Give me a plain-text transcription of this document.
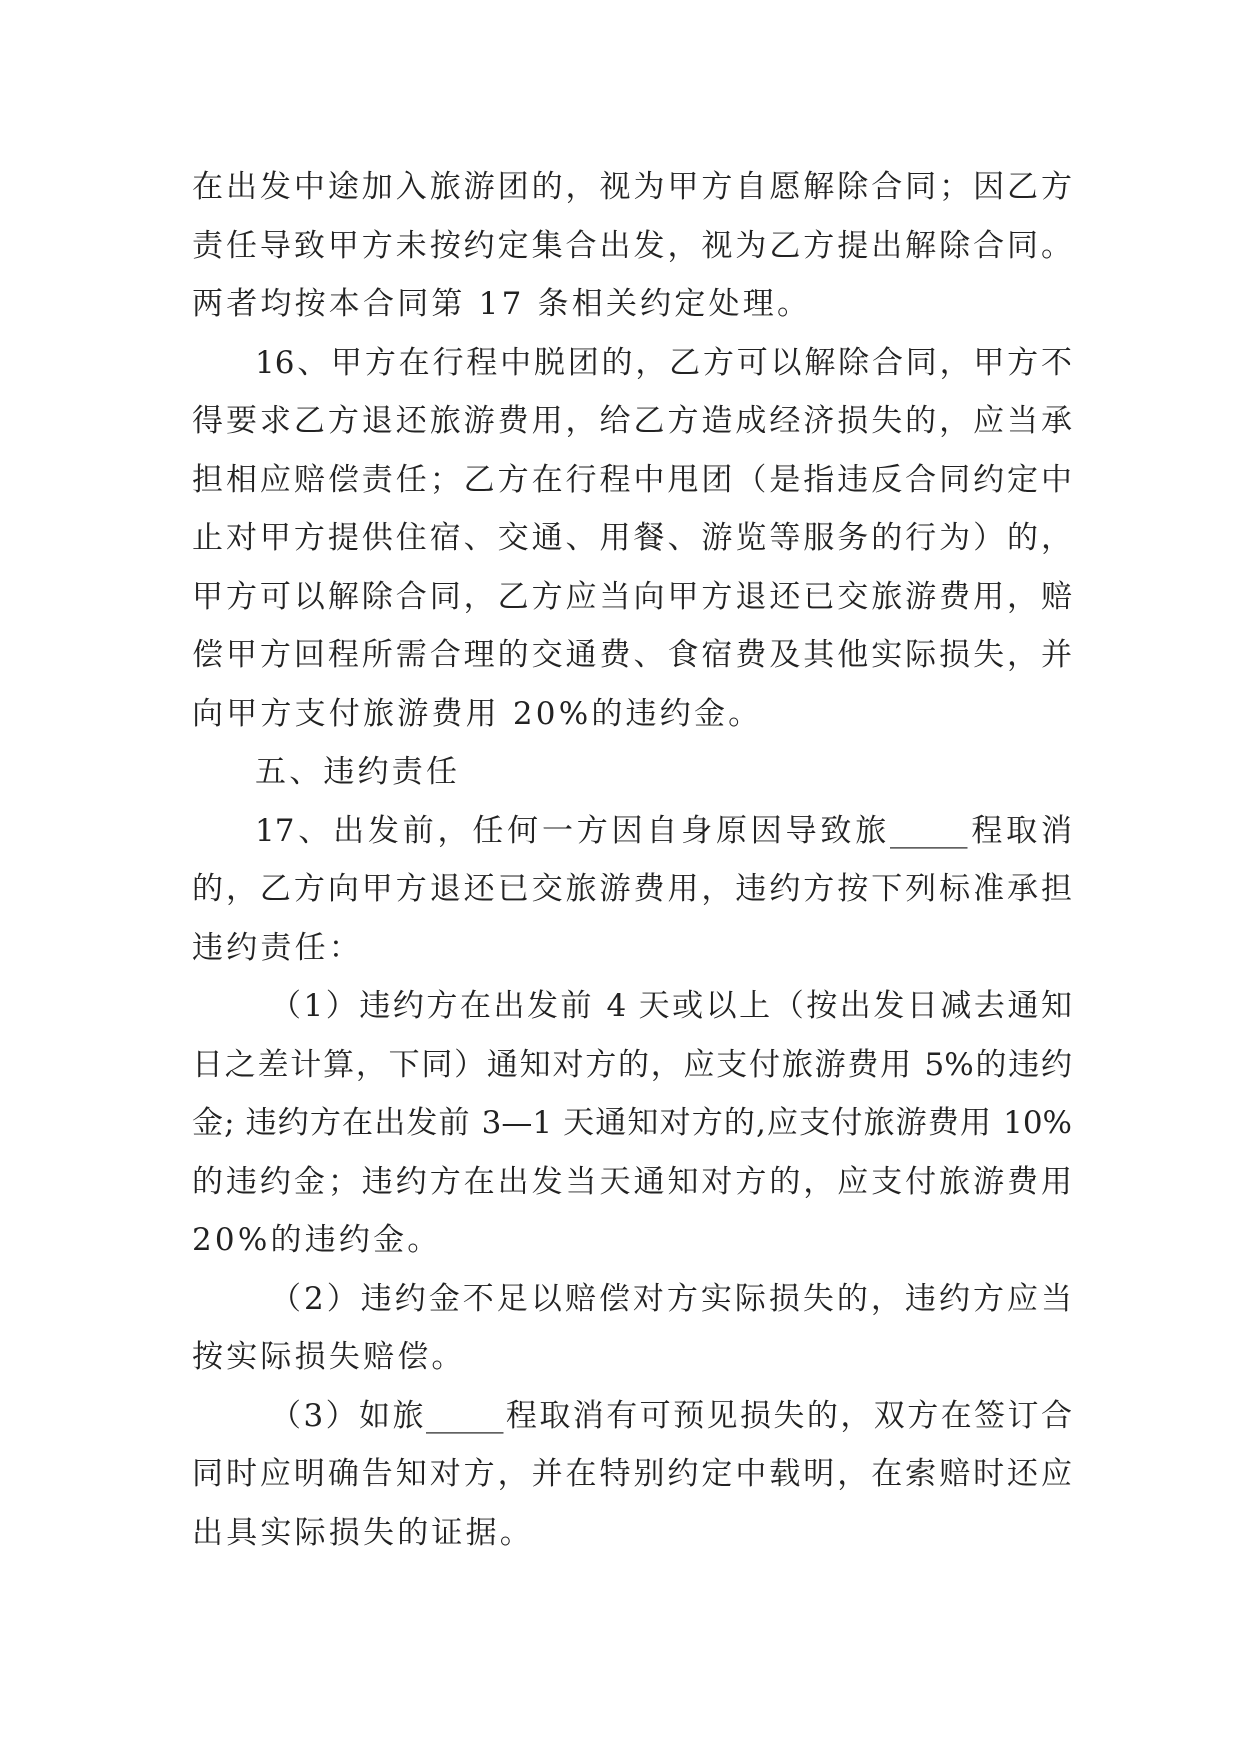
在出发中途加入旅游团的，视为甲方自愿解除合同；因乙方
责任导致甲方未按约定集合出发，视为乙方提出解除合同。
两者均按本合同第 17 条相关约定处理。
16、甲方在行程中脱团的，乙方可以解除合同，甲方不
得要求乙方退还旅游费用，给乙方造成经济损失的，应当承
担相应赔偿责任；乙方在行程中甩团（是指违反合同约定中
止对甲方提供住宿、交通、用餐、游览等服务的行为）的，
甲方可以解除合同，乙方应当向甲方退还已交旅游费用，赔
偿甲方回程所需合理的交通费、食宿费及其他实际损失，并
向甲方支付旅游费用 20%的违约金。
五、违约责任
17、出发前，任何一方因自身原因导致旅_____程取消
的，乙方向甲方退还已交旅游费用，违约方按下列标准承担
违约责任：
（1）违约方在出发前 4 天或以上（按出发日减去通知
日之差计算，下同）通知对方的，应支付旅游费用 5%的违约
金; 违约方在出发前 3—1 天通知对方的,应支付旅游费用 10%
的违约金；违约方在出发当天通知对方的，应支付旅游费用
20%的违约金。
（2）违约金不足以赔偿对方实际损失的，违约方应当
按实际损失赔偿。
（3）如旅_____程取消有可预见损失的，双方在签订合
同时应明确告知对方，并在特别约定中载明，在索赔时还应
出具实际损失的证据。
